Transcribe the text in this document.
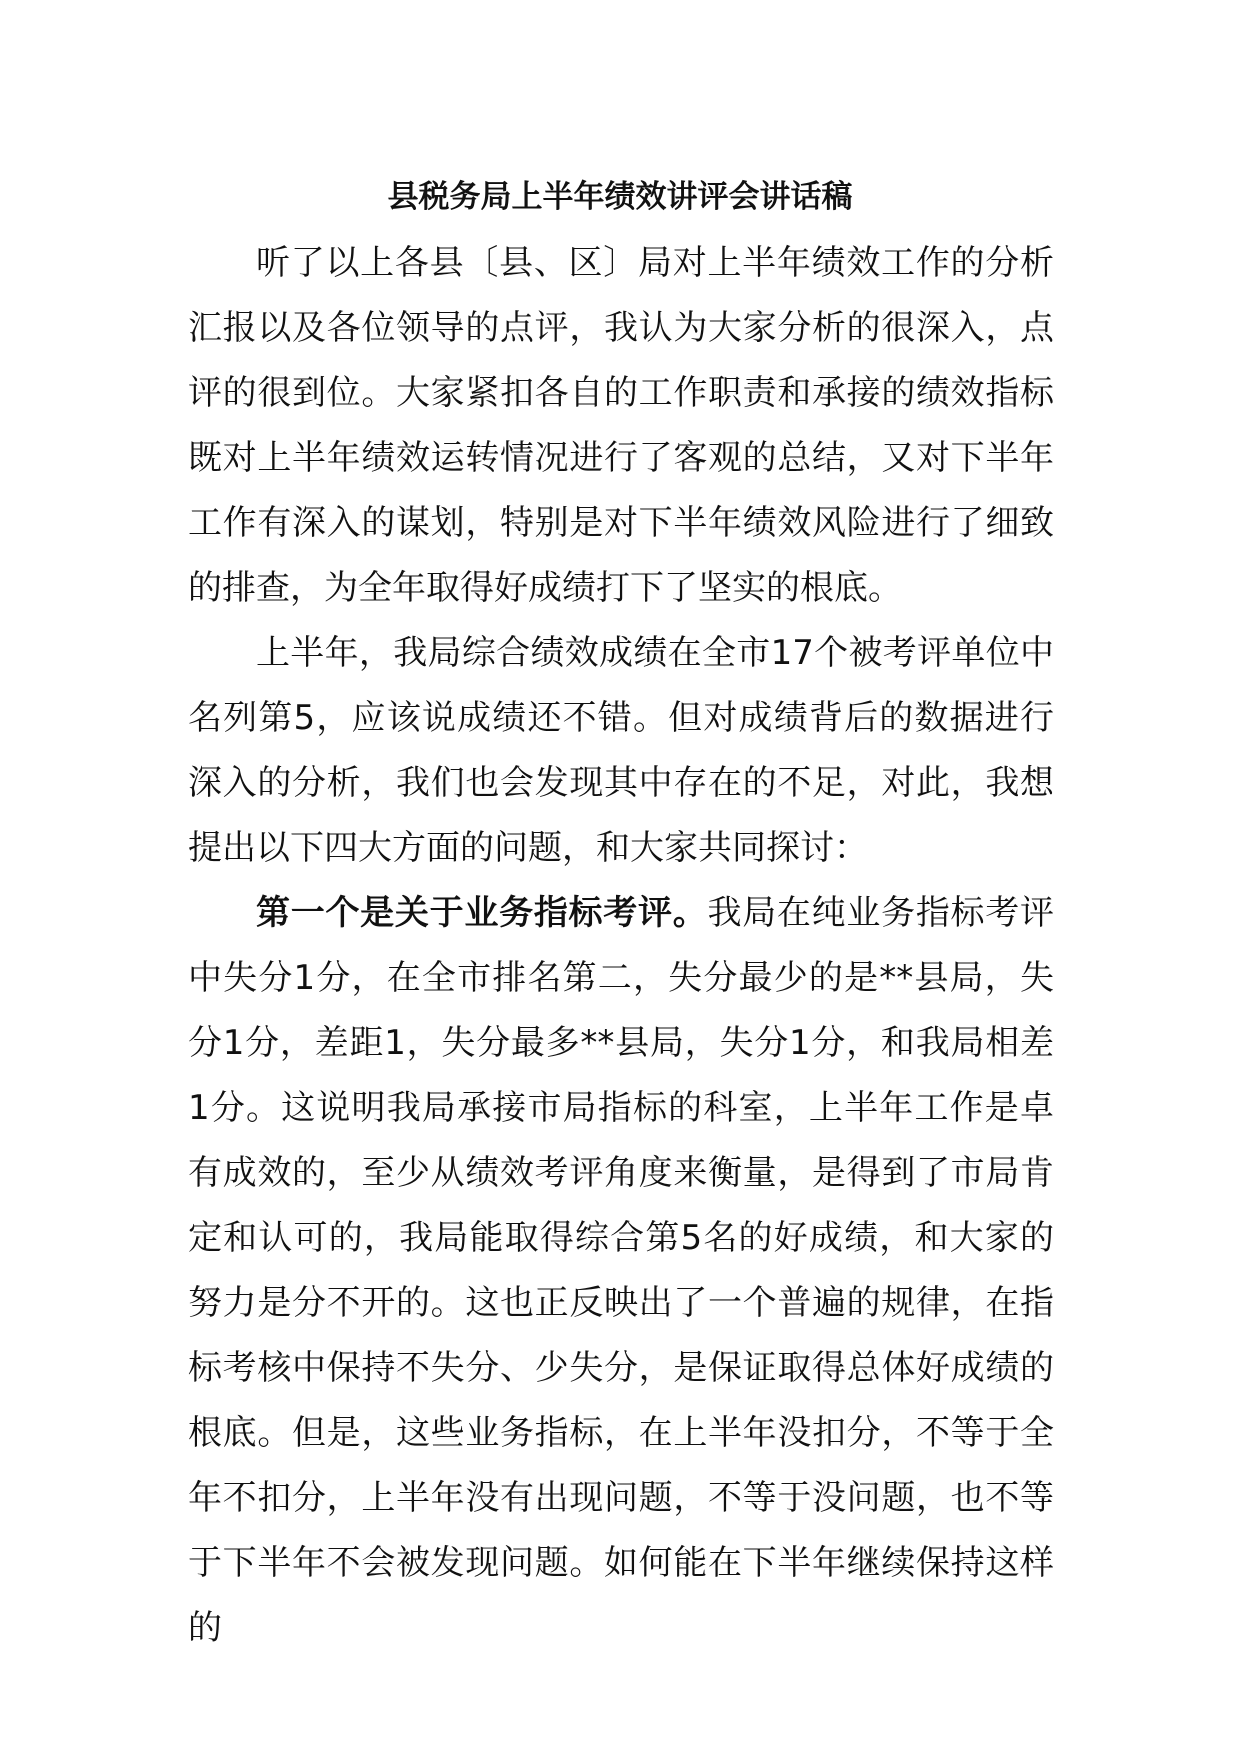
县税务局上半年绩效讲评会讲话稿

听了以上各县〔县、区〕局对上半年绩效工作的分析汇报以及各位领导的点评，我认为大家分析的很深入，点评的很到位。大家紧扣各自的工作职责和承接的绩效指标既对上半年绩效运转情况进行了客观的总结，又对下半年工作有深入的谋划，特别是对下半年绩效风险进行了细致的排查，为全年取得好成绩打下了坚实的根底。

上半年，我局综合绩效成绩在全市17个被考评单位中名列第5，应该说成绩还不错。但对成绩背后的数据进行深入的分析，我们也会发现其中存在的不足，对此，我想提出以下四大方面的问题，和大家共同探讨：

第一个是关于业务指标考评。我局在纯业务指标考评中失分1分，在全市排名第二，失分最少的是**县局，失分1分，差距1，失分最多**县局，失分1分，和我局相差1分。这说明我局承接市局指标的科室，上半年工作是卓有成效的，至少从绩效考评角度来衡量，是得到了市局肯定和认可的，我局能取得综合第5名的好成绩，和大家的努力是分不开的。这也正反映出了一个普遍的规律，在指标考核中保持不失分、少失分，是保证取得总体好成绩的根底。但是，这些业务指标，在上半年没扣分，不等于全年不扣分，上半年没有出现问题，不等于没问题，也不等于下半年不会被发现问题。如何能在下半年继续保持这样的
